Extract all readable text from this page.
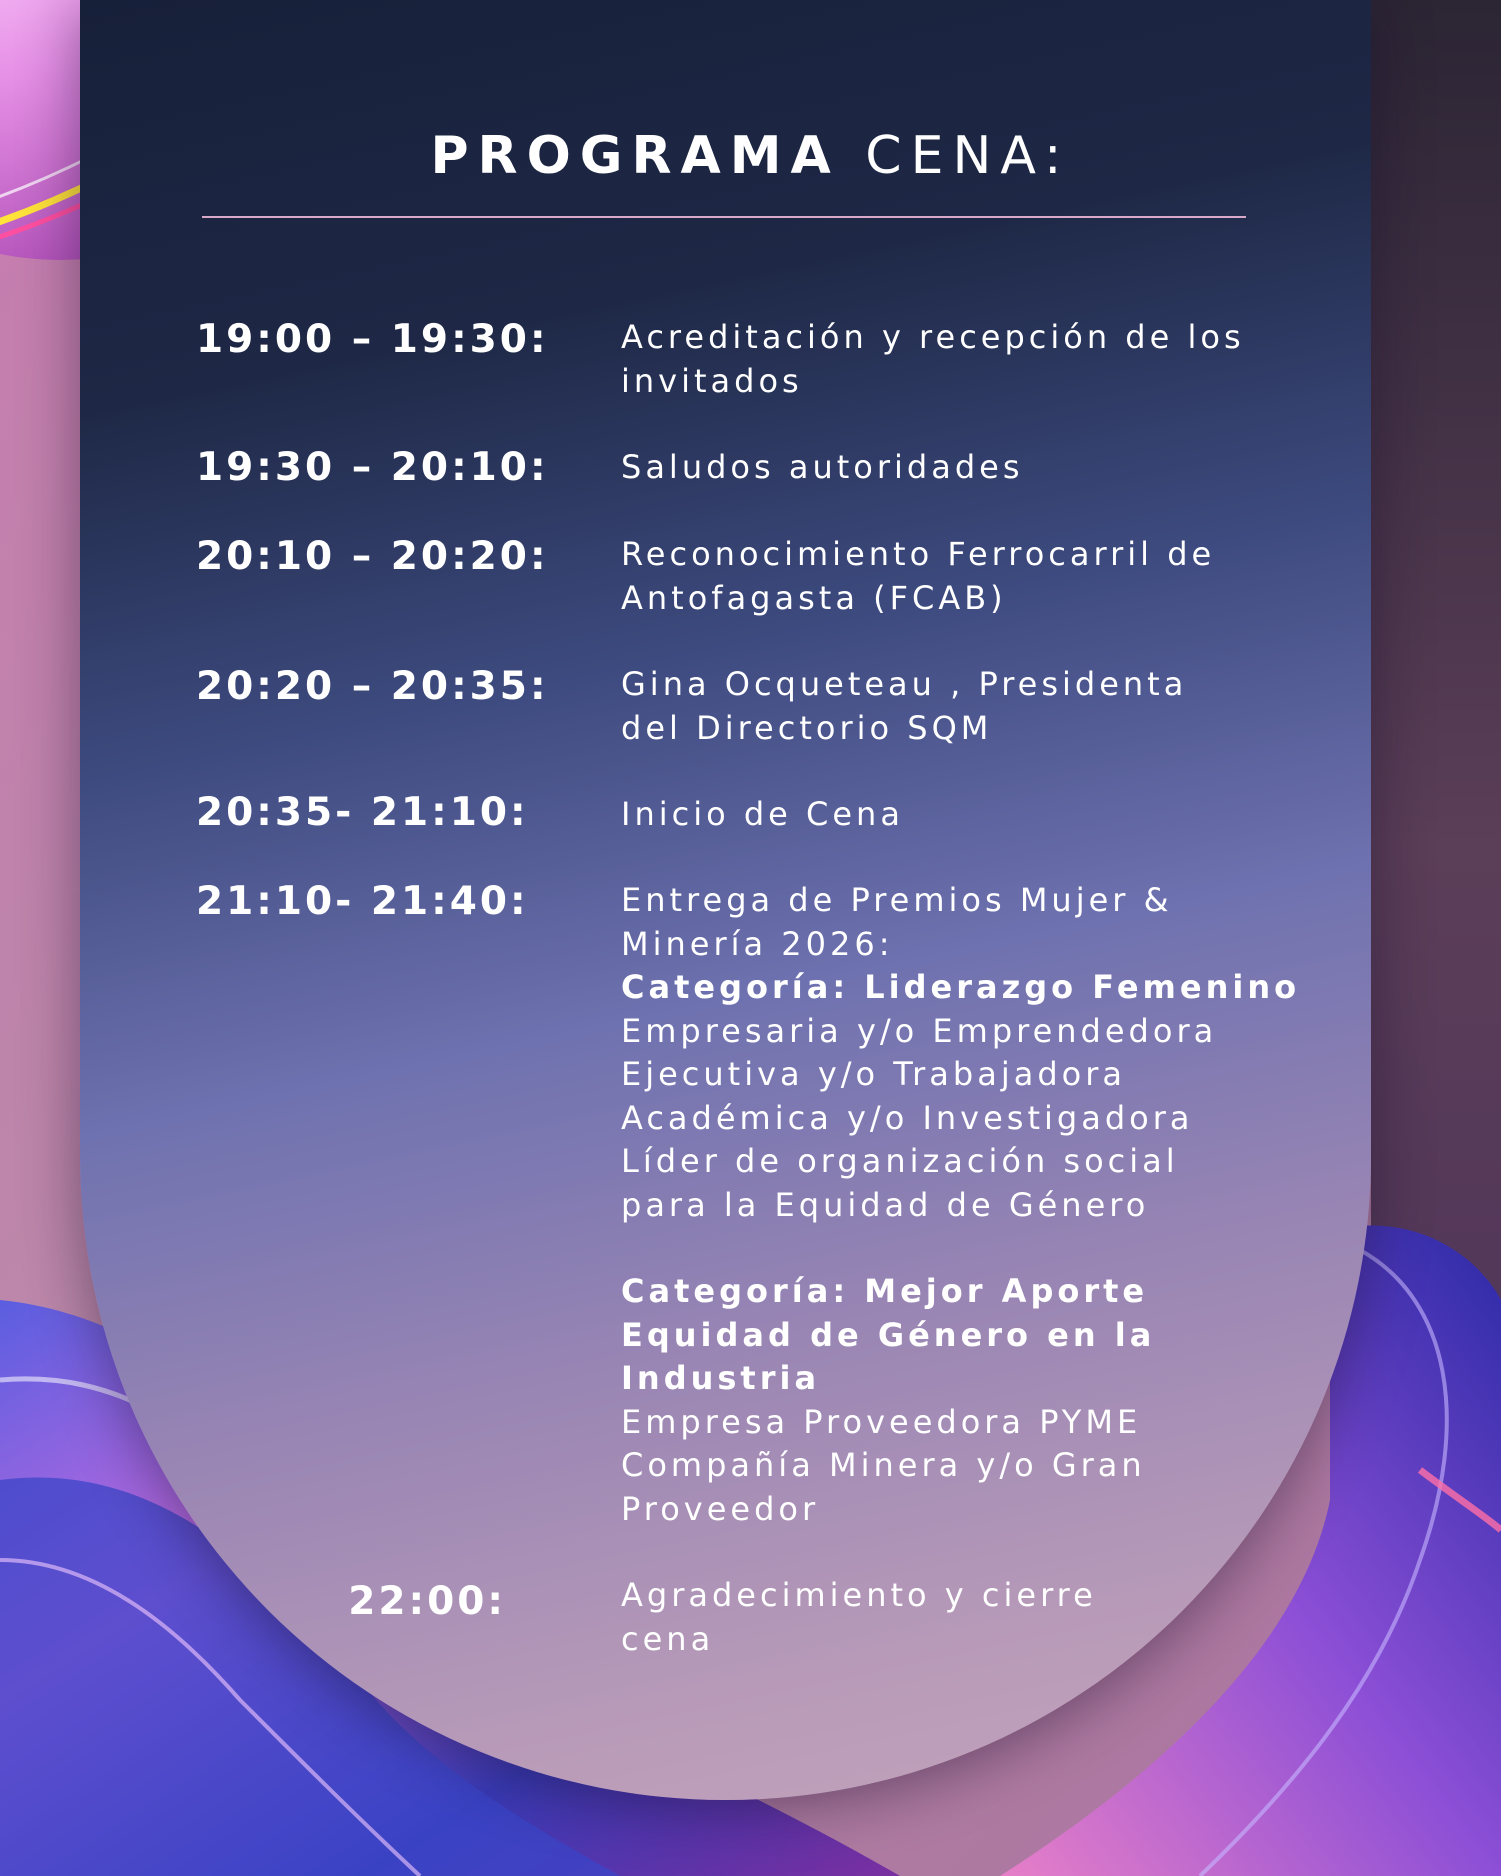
PROGRAMA CENA:
19:00 – 19:30: Acreditación y recepción de los
invitados
19:30 – 20:10: Saludos autoridades
20:10 – 20:20: Reconocimiento Ferrocarril de
Antofagasta (FCAB)
20:20 – 20:35: Gina Ocqueteau , Presidenta
del Directorio SQM
20:35- 21:10:	Inicio de Cena
21:10- 21:40:	Entrega de Premios Mujer &
Minería 2026:
Categoría: Liderazgo Femenino
Empresaria y/o Emprendedora
Ejecutiva y/o Trabajadora
Académica y/o Investigadora
Líder de organización social
para la Equidad de Género
Categoría: Mejor Aporte
Equidad de Género en la
Industria
Empresa Proveedora PYME
Compañía Minera y/o Gran
Proveedor
22:00:	Agradecimiento y cierre
cena
